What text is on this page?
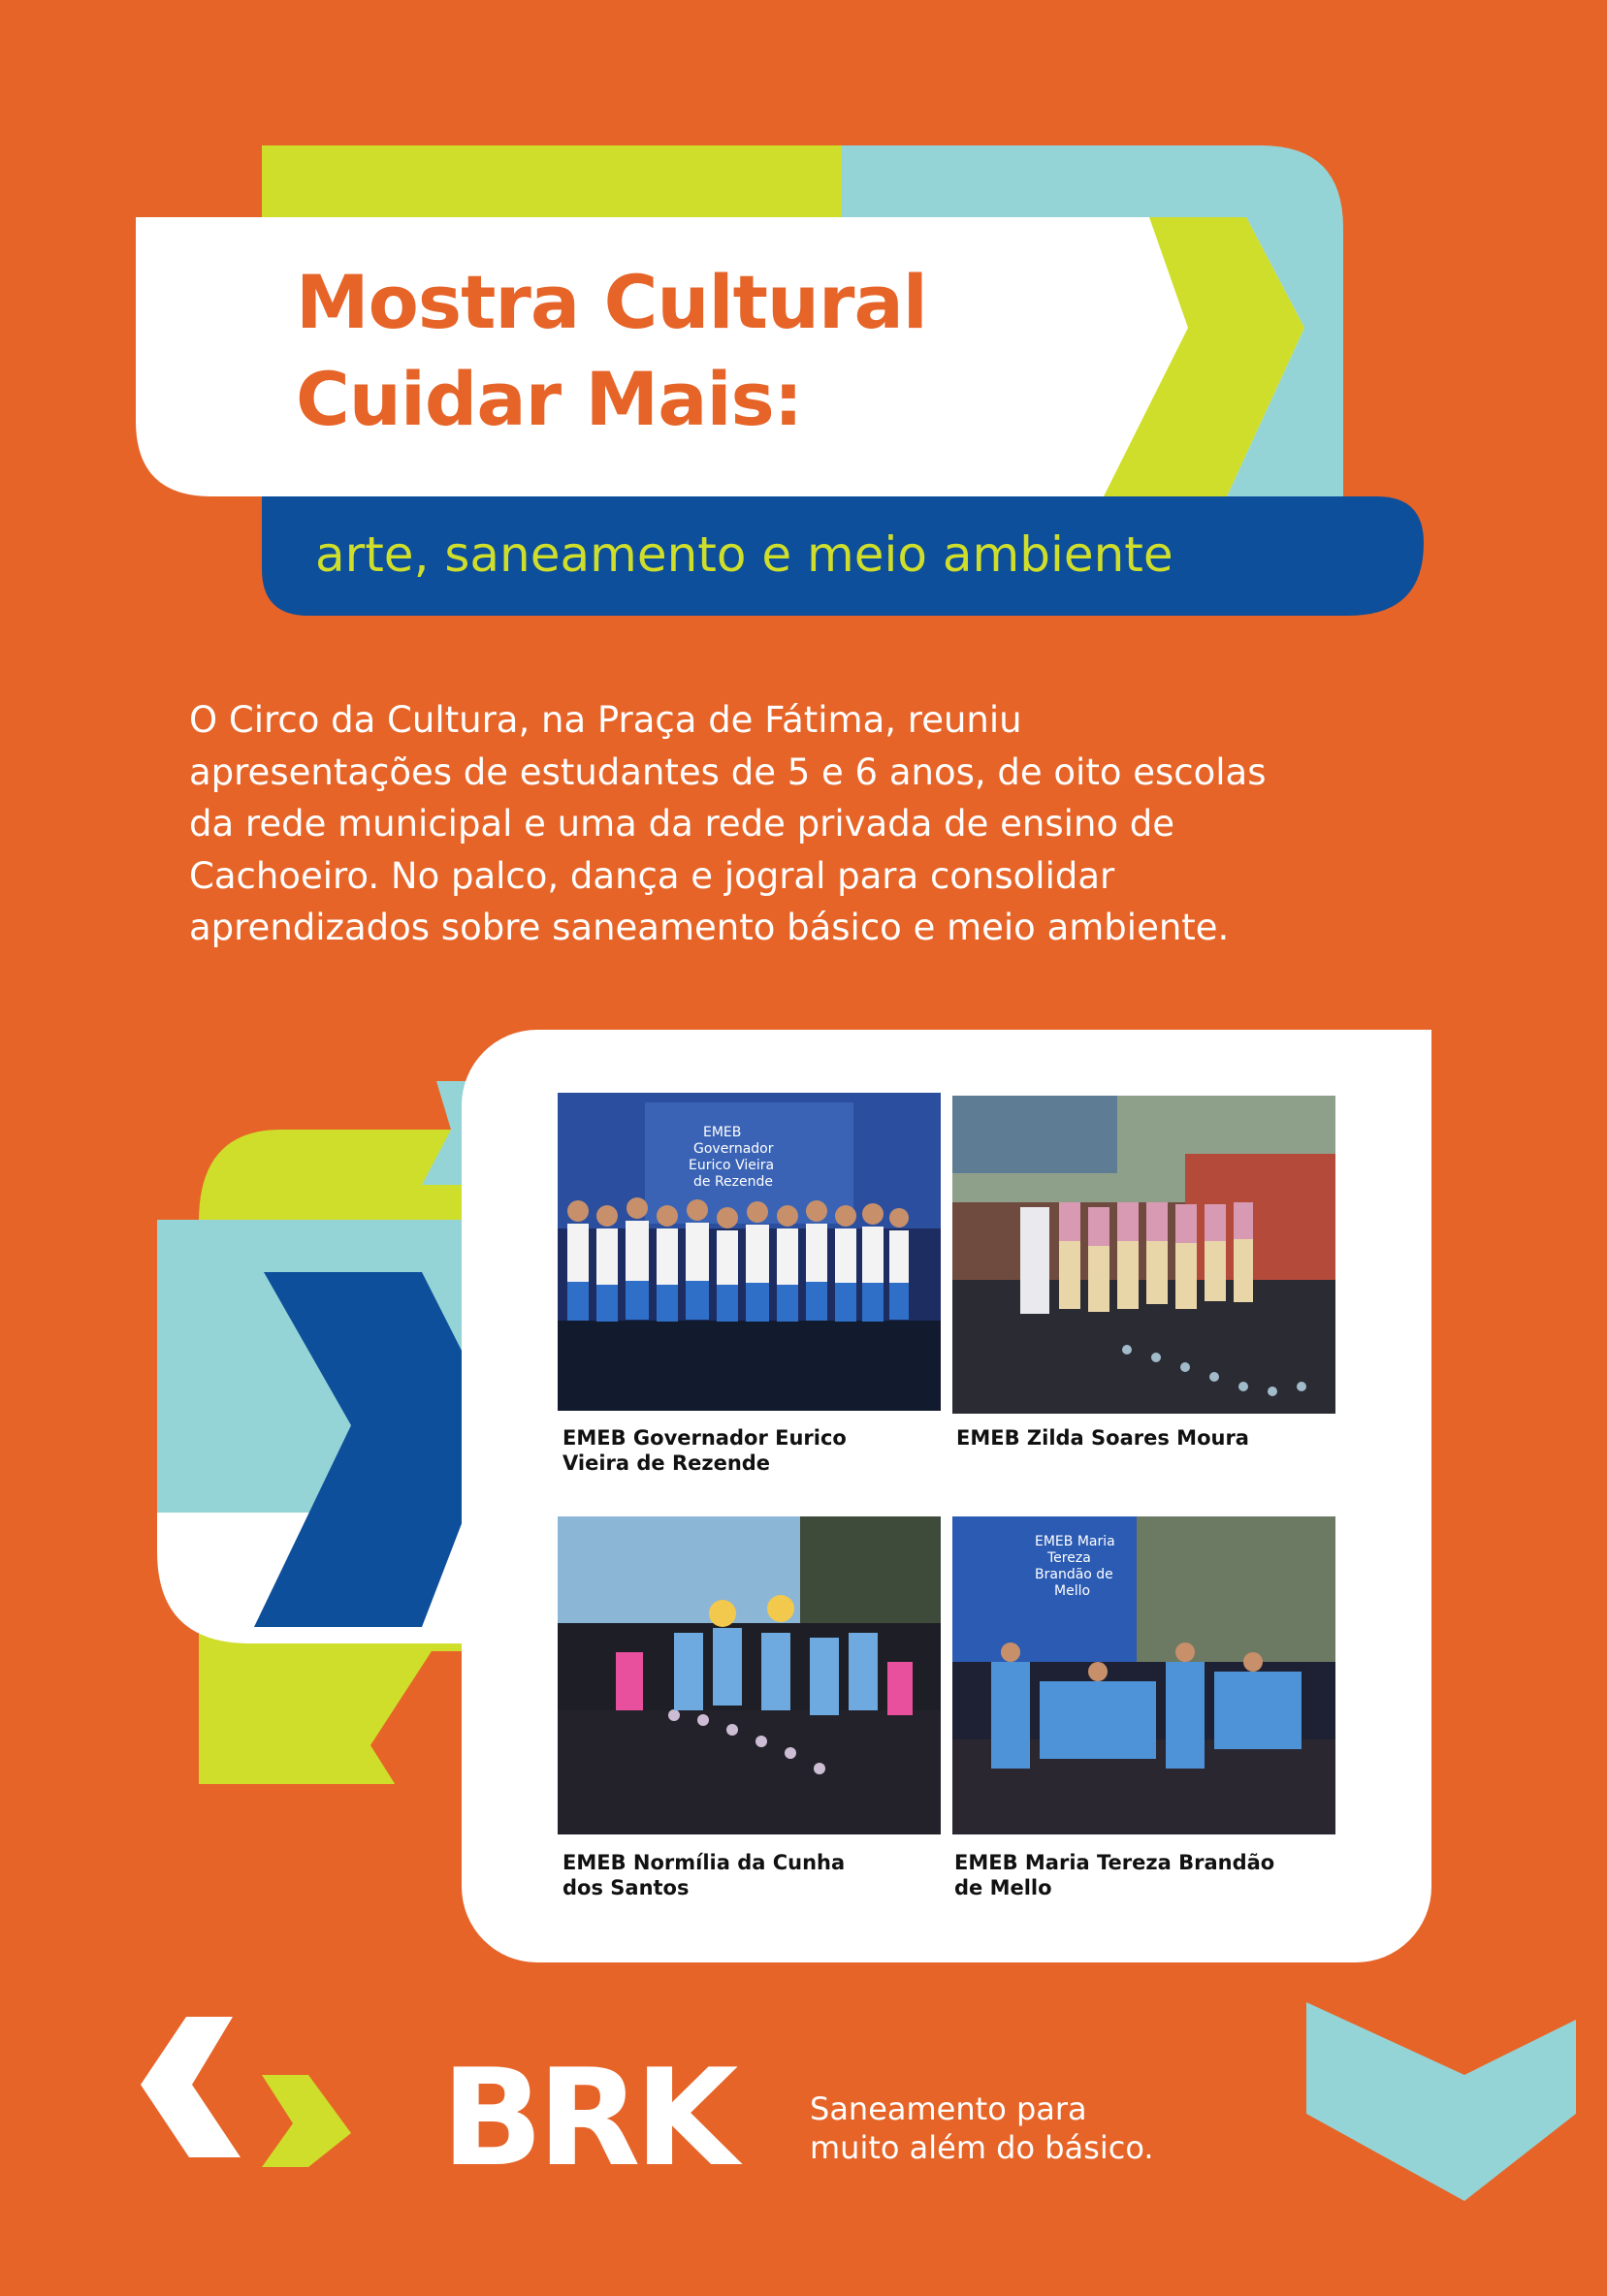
Mostra Cultural
Cuidar Mais:
arte, saneamento e meio ambiente
O Circo da Cultura, na Praça de Fátima, reuniu
apresentações de estudantes de 5 e 6 anos, de oito escolas
da rede municipal e uma da rede privada de ensino de
Cachoeiro. No palco, dança e jogral para consolidar
aprendizados sobre saneamento básico e meio ambiente.
EMEB
Governador
Eurico Vieira
de Rezende
EMEB Governador Eurico
Vieira de Rezende
EMEB Zilda Soares Moura
EMEB Normília da Cunha
dos Santos
EMEB Maria
Tereza
Brandão de
Mello
EMEB Maria Tereza Brandão
de Mello
BRK	Saneamento para
muito além do básico.
